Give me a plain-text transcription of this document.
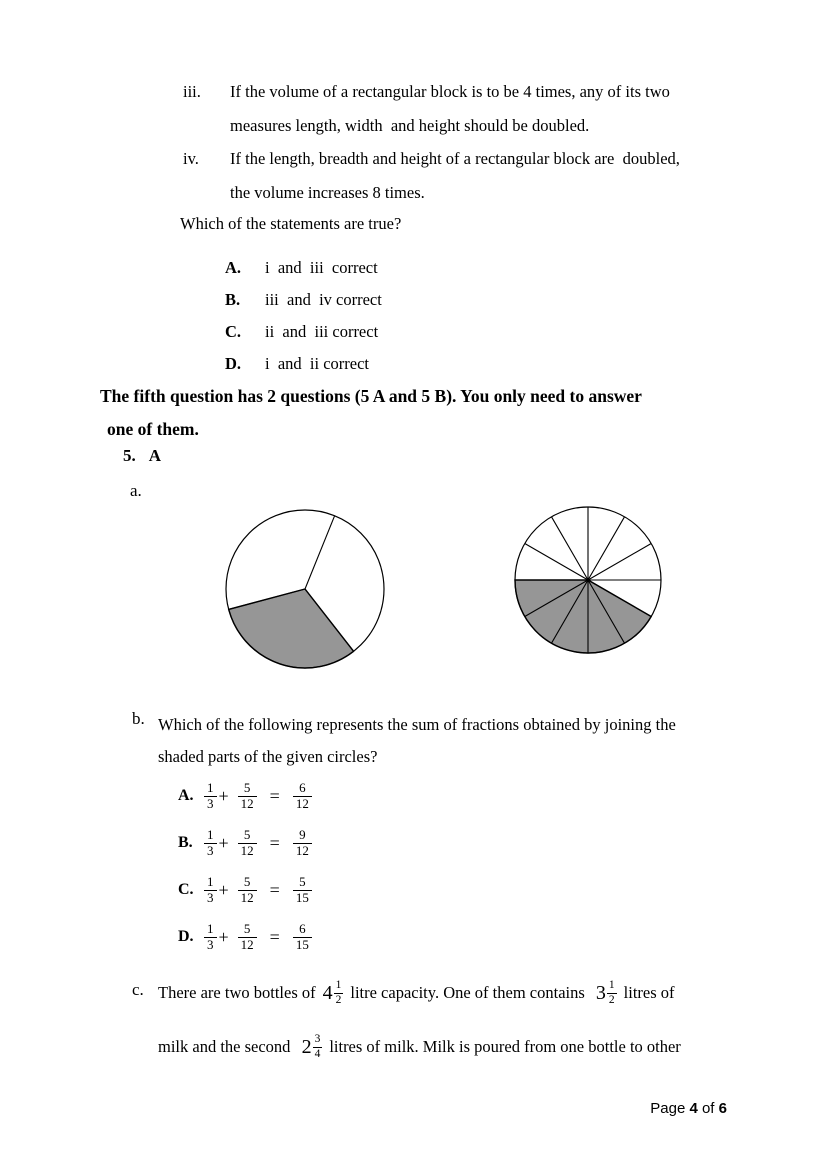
iii.	If the volume of a rectangular block is to be 4 times, any of its two
measures length, width  and height should be doubled.
iv.	If the length, breadth and height of a rectangular block are  doubled,
the volume increases 8 times.
Which of the statements are true?
A.	i  and  iii  correct
B.	iii  and  iv correct
C.	ii  and  iii correct
D.	i  and  ii correct
The fifth question has 2 questions (5 A and 5 B). You only need to answer
one of them.
5. A
a.
b. Which of the following represents the sum of fractions obtained by joining the
shaded parts of the given circles?
A. $\frac{1}{3} + \frac{5}{12} = \frac{6}{12}$
B. $\frac{1}{3} + \frac{5}{12} = \frac{9}{12}$
C. $\frac{1}{3} + \frac{5}{12} = \frac{5}{15}$
D. $\frac{1}{3} + \frac{5}{12} = \frac{6}{15}$
c. There are two bottles of $4 \frac{1}{2}$ litre capacity. One of them contains $3 \frac{1}{2}$ litres of
milk and the second $2 \frac{3}{4}$ litres of milk. Milk is poured from one bottle to other

Page 4 of 6
